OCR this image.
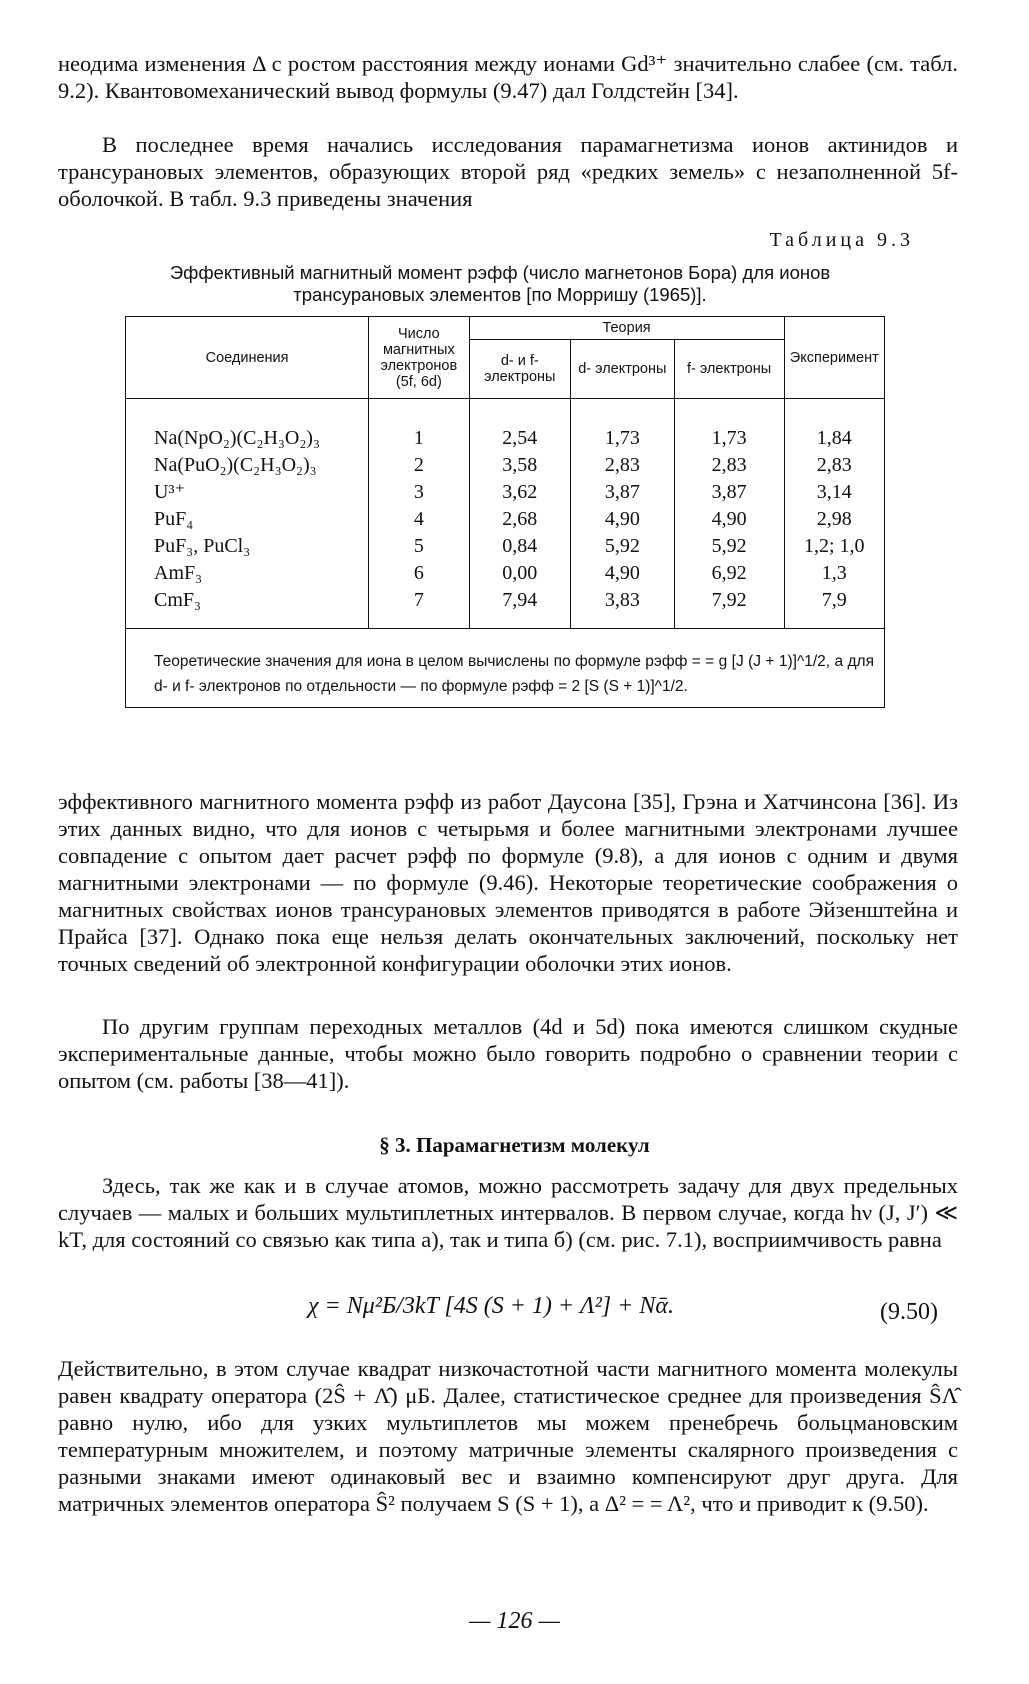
неодима изменения Δ с ростом расстояния между ионами Gd³⁺ значительно слабее (см. табл. 9.2). Квантовомеханический вывод формулы (9.47) дал Голдстейн [34].

В последнее время начались исследования парамагнетизма ионов актинидов и трансурановых элементов, образующих второй ряд «редких земель» с незаполненной 5f-оболочкой. В табл. 9.3 приведены значения

Таблица 9.3
Эффективный магнитный момент pэфф (число магнетонов Бора) для ионов трансурановых элементов [по Морришу (1965)].
Соединения	Число магнитных электронов (5f, 6d)	Теория			Эксперимент
		d- и f- электроны	d- электроны	f- электроны	
Na(NpO₂)(C₂H₃O₂)₃	1	2,54	1,73	1,73	1,84
Na(PuO₂)(C₂H₃O₂)₃	2	3,58	2,83	2,83	2,83
U³⁺	3	3,62	3,87	3,87	3,14
PuF₄	4	2,68	4,90	4,90	2,98
PuF₃, PuCl₃	5	0,84	5,92	5,92	1,2; 1,0
AmF₃	6	0,00	4,90	6,92	1,3
CmF₃	7	7,94	3,83	7,92	7,9
Теоретические значения для иона в целом вычислены по формуле pэфф = = g [J (J + 1)]^1/2, а для d- и f- электронов по отдельности — по формуле pэфф = 2 [S (S + 1)]^1/2.

эффективного магнитного момента pэфф из работ Даусона [35], Грэна и Хатчинсона [36]. Из этих данных видно, что для ионов с четырьмя и более магнитными электронами лучшее совпадение с опытом дает расчет pэфф по формуле (9.8), а для ионов с одним и двумя магнитными электронами — по формуле (9.46). Некоторые теоретические соображения о магнитных свойствах ионов трансурановых элементов приводятся в работе Эйзенштейна и Прайса [37]. Однако пока еще нельзя делать окончательных заключений, поскольку нет точных сведений об электронной конфигурации оболочки этих ионов.

По другим группам переходных металлов (4d и 5d) пока имеются слишком скудные экспериментальные данные, чтобы можно было говорить подробно о сравнении теории с опытом (см. работы [38—41]).

§ 3. Парамагнетизм молекул

Здесь, так же как и в случае атомов, можно рассмотреть задачу для двух предельных случаев — малых и больших мультиплетных интервалов. В первом случае, когда hν (J, J′) ≪ kT, для состояний со связью как типа а), так и типа б) (см. рис. 7.1), восприимчивость равна

χ = Nμ²Б/3kT [4S (S + 1) + Λ²] + Nᾱ.	(9.50)

Действительно, в этом случае квадрат низкочастотной части магнитного момента молекулы равен квадрату оператора (2Ŝ + Λ̂) μБ. Далее, статистическое среднее для произведения ŜΛ̂ равно нулю, ибо для узких мультиплетов мы можем пренебречь больцмановским температурным множителем, и поэтому матричные элементы скалярного произведения с разными знаками имеют одинаковый вес и взаимно компенсируют друг друга. Для матричных элементов оператора Ŝ² получаем S (S + 1), а Δ² = = Λ², что и приводит к (9.50).

— 126 —
